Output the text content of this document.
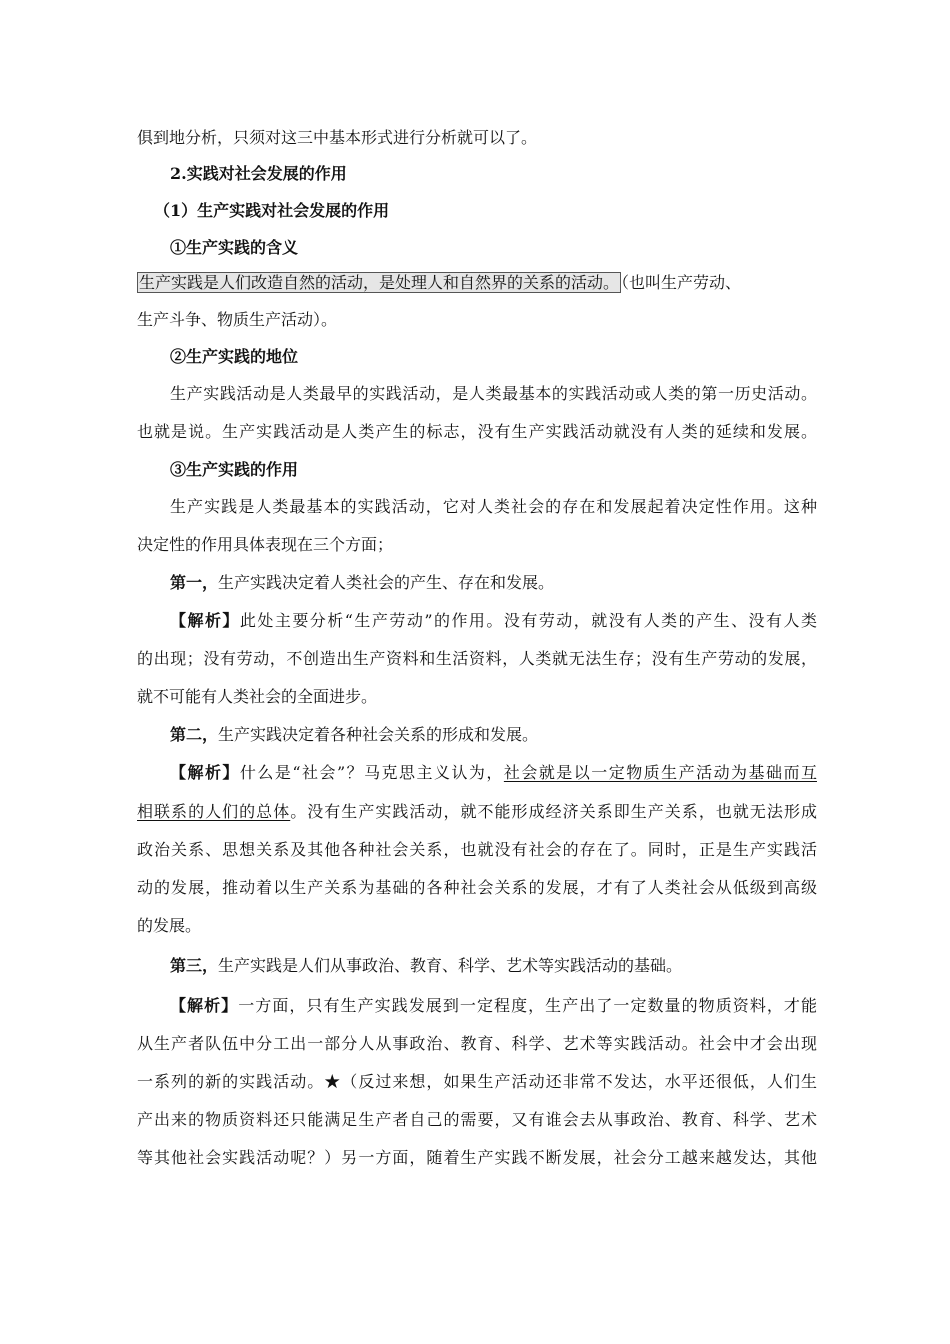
俱到地分析，只须对这三中基本形式进行分析就可以了。
2.实践对社会发展的作用
（1）生产实践对社会发展的作用
①生产实践的含义
生产实践是人们改造自然的活动，是处理人和自然界的关系的活动。 （也叫生产劳动、
生产斗争、物质生产活动）。
②生产实践的地位
生产实践活动是人类最早的实践活动，是人类最基本的实践活动或人类的第一历史活动。
也就是说。生产实践活动是人类产生的标志，没有生产实践活动就没有人类的延续和发展。
③生产实践的作用
生产实践是人类最基本的实践活动，它对人类社会的存在和发展起着决定性作用。这种
决定性的作用具体表现在三个方面；
第一，生产实践决定着人类社会的产生、存在和发展。
【解析】此处主要分析“生产劳动”的作用。没有劳动，就没有人类的产生、没有人类
的出现；没有劳动，不创造出生产资料和生活资料，人类就无法生存；没有生产劳动的发展，
就不可能有人类社会的全面进步。
第二，生产实践决定着各种社会关系的形成和发展。
【解析】什么是“社会”？马克思主义认为，社会就是以一定物质生产活动为基础而互
相联系的人们的总体。没有生产实践活动，就不能形成经济关系即生产关系，也就无法形成
政治关系、思想关系及其他各种社会关系，也就没有社会的存在了。同时，正是生产实践活
动的发展，推动着以生产关系为基础的各种社会关系的发展，才有了人类社会从低级到高级
的发展。
第三，生产实践是人们从事政治、教育、科学、艺术等实践活动的基础。
【解析】一方面，只有生产实践发展到一定程度，生产出了一定数量的物质资料，才能
从生产者队伍中分工出一部分人从事政治、教育、科学、艺术等实践活动。社会中才会出现
一系列的新的实践活动。★（反过来想，如果生产活动还非常不发达，水平还很低，人们生
产出来的物质资料还只能满足生产者自己的需要，又有谁会去从事政治、教育、科学、艺术
等其他社会实践活动呢？）另一方面，随着生产实践不断发展，社会分工越来越发达，其他
